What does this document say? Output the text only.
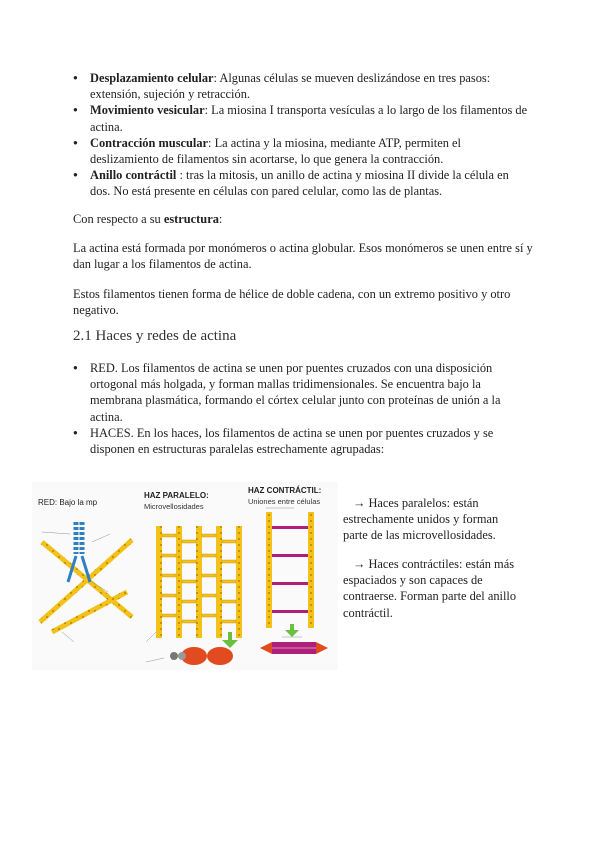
● Desplazamiento celular: Algunas células se mueven deslizándose en tres pasos: extensión, sujeción y retracción.
● Movimiento vesicular: La miosina I transporta vesículas a lo largo de los filamentos de actina.
● Contracción muscular: La actina y la miosina, mediante ATP, permiten el deslizamiento de filamentos sin acortarse, lo que genera la contracción.
● Anillo contráctil : tras la mitosis, un anillo de actina y miosina II divide la célula en dos. No está presente en células con pared celular, como las de plantas.

Con respecto a su estructura:

La actina está formada por monómeros o actina globular. Esos monómeros se unen entre sí y dan lugar a los filamentos de actina.

Estos filamentos tienen forma de hélice de doble cadena, con un extremo positivo y otro negativo.

2.1 Haces y redes de actina
● RED. Los filamentos de actina se unen por puentes cruzados con una disposición ortogonal más holgada, y forman mallas tridimensionales. Se encuentra bajo la membrana plasmática, formando el córtex celular junto con proteínas de unión a la actina.
● HACES. En los haces, los filamentos de actina se unen por puentes cruzados y se disponen en estructuras paralelas estrechamente agrupadas:
RED: Bajo la mp
HAZ PARALELO:
Microvellosidades
HAZ CONTRÁCTIL:
Uniones entre células	→ Haces paralelos: están estrechamente unidos y forman parte de las microvellosidades.

→ Haces contráctiles: están más espaciados y son capaces de contraerse. Forman parte del anillo contráctil.
